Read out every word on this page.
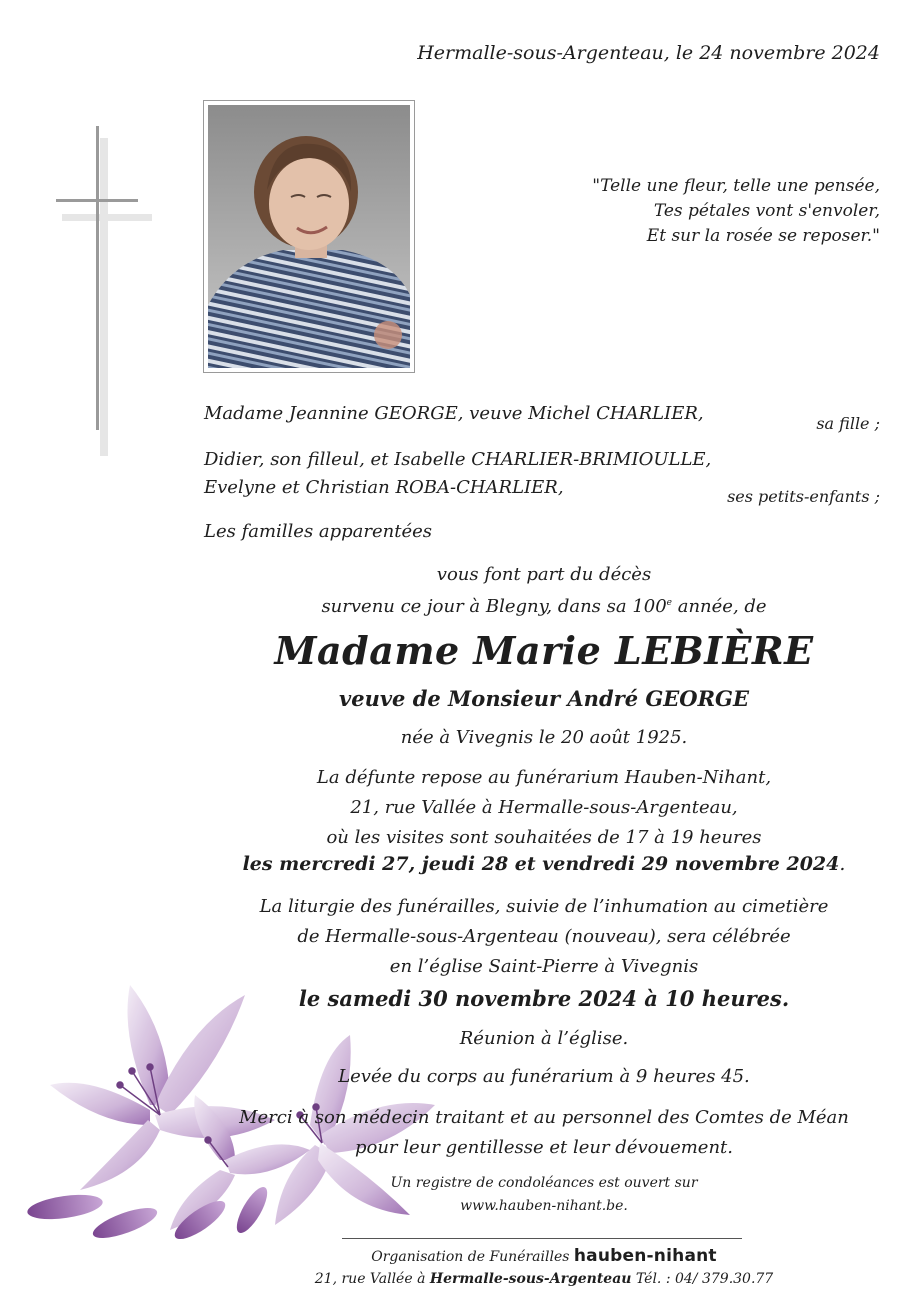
Hermalle-sous-Argenteau, le 24 novembre 2024
"Telle une fleur, telle une pensée,
Tes pétales vont s'envoler,
Et sur la rosée se reposer."
Madame Jeannine GEORGE, veuve Michel CHARLIER,	sa fille ;
Didier, son filleul, et Isabelle CHARLIER-BRIMIOULLE,
Evelyne et Christian ROBA-CHARLIER,	ses petits-enfants ;
Les familles apparentées
vous font part du décès
survenu ce jour à Blegny, dans sa 100e année, de
Madame Marie LEBIÈRE
veuve de Monsieur André GEORGE
née à Vivegnis le 20 août 1925.
La défunte repose au funérarium Hauben-Nihant,
21, rue Vallée à Hermalle-sous-Argenteau,
où les visites sont souhaitées de 17 à 19 heures
les mercredi 27, jeudi 28 et vendredi 29 novembre 2024.
La liturgie des funérailles, suivie de l’inhumation au cimetière
de Hermalle-sous-Argenteau (nouveau), sera célébrée
en l’église Saint-Pierre à Vivegnis
le samedi 30 novembre 2024 à 10 heures.
Réunion à l’église.
Levée du corps au funérarium à 9 heures 45.
Merci à son médecin traitant et au personnel des Comtes de Méan
pour leur gentillesse et leur dévouement.
Un registre de condoléances est ouvert sur
www.hauben-nihant.be.
Organisation de Funérailles hauben-nihant
21, rue Vallée à Hermalle-sous-Argenteau Tél. : 04/ 379.30.77
